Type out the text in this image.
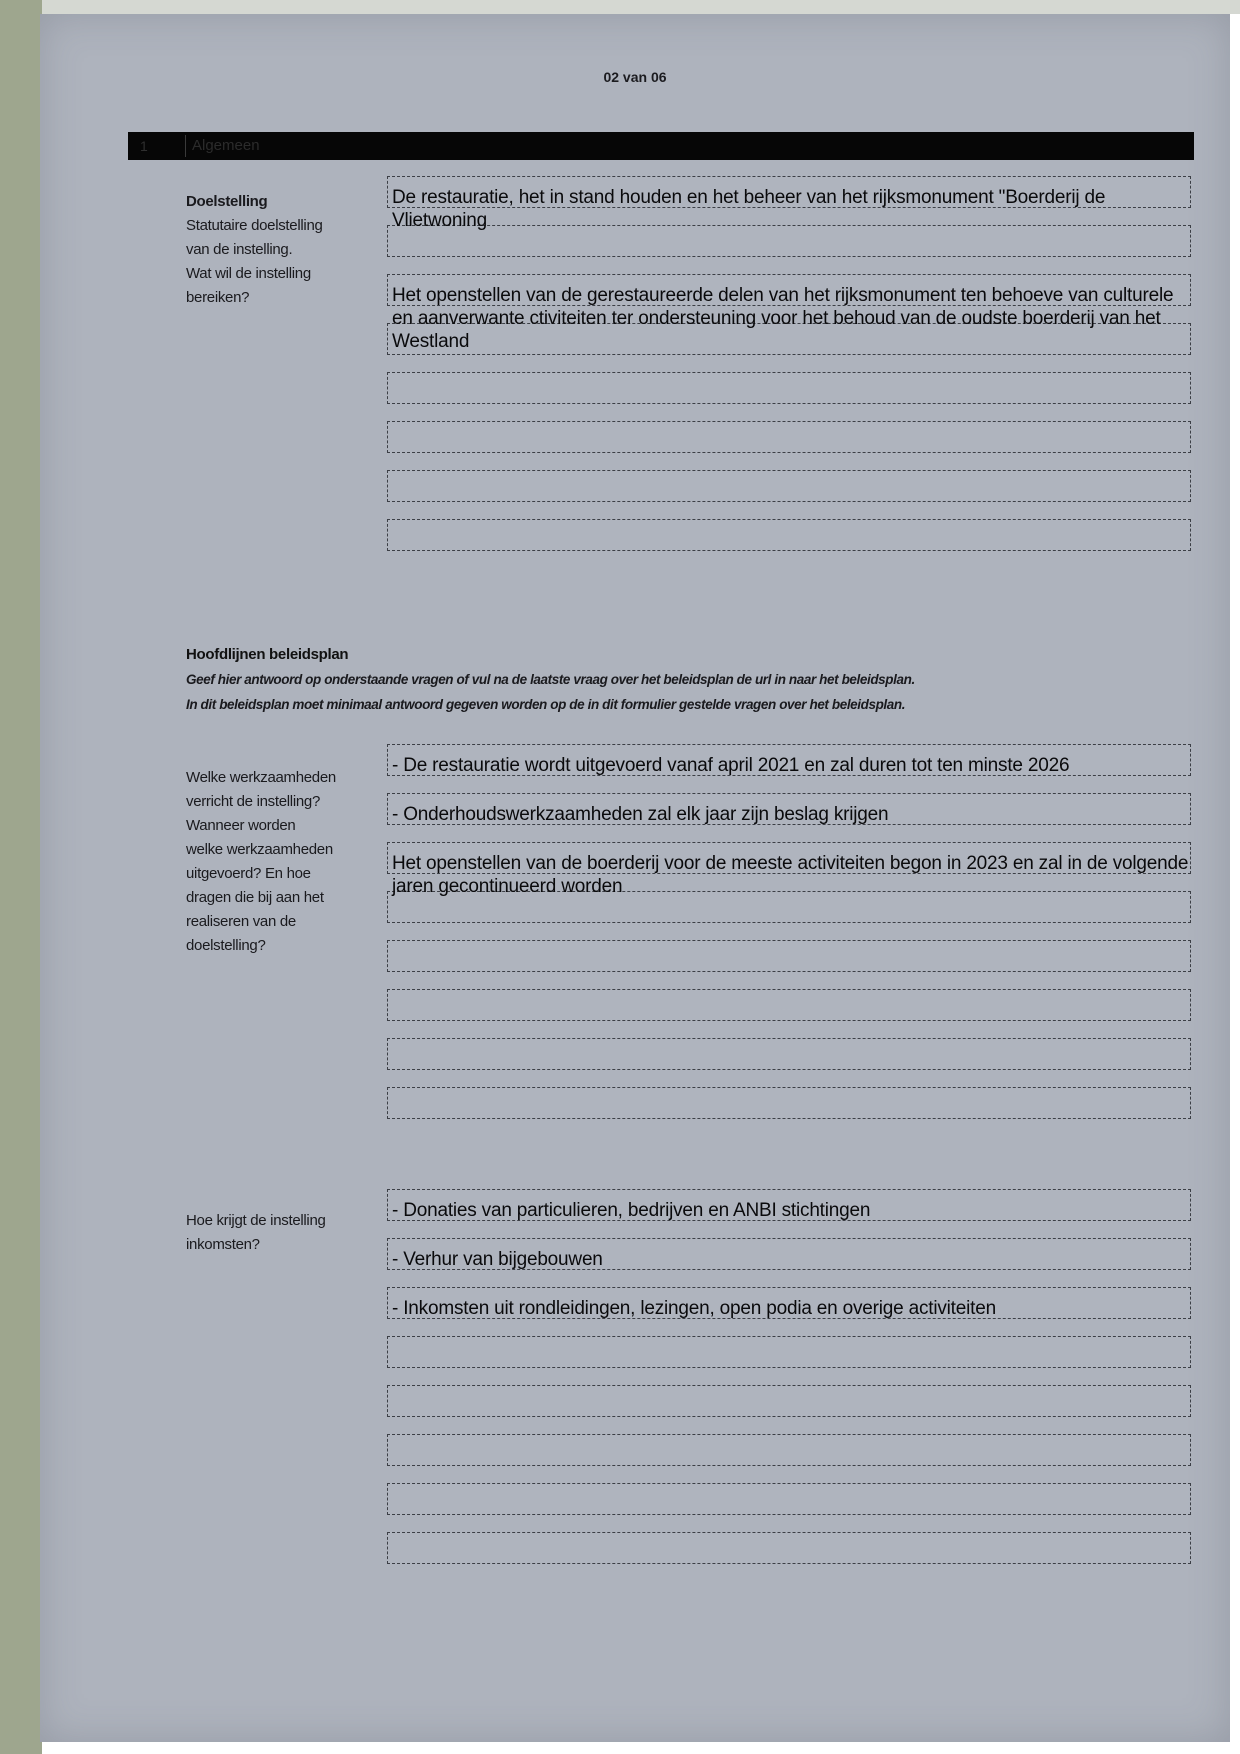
02 van 06
1	Algemeen
Doelstelling
Statutaire doelstelling
van de instelling.
Wat wil de instelling
bereiken?
De restauratie, het in stand houden en het beheer van het rijksmonument "Boerderij de Vlietwoning
Het openstellen van de gerestaureerde delen van het rijksmonument ten behoeve van culturele en aanverwante ctiviteiten ter ondersteuning voor het behoud van de oudste boerderij van het Westland
Hoofdlijnen beleidsplan
Geef hier antwoord op onderstaande vragen of vul na de laatste vraag over het beleidsplan de url in naar het beleidsplan.
In dit beleidsplan moet minimaal antwoord gegeven worden op de in dit formulier gestelde vragen over het beleidsplan.
Welke werkzaamheden
verricht de instelling?
Wanneer worden
welke werkzaamheden
uitgevoerd? En hoe
dragen die bij aan het
realiseren van de
doelstelling?
- De restauratie wordt uitgevoerd vanaf april 2021 en zal duren tot ten minste 2026
- Onderhoudswerkzaamheden zal elk jaar zijn beslag krijgen
Het openstellen van de boerderij voor de meeste activiteiten begon in 2023 en zal in de volgende jaren gecontinueerd worden
Hoe krijgt de instelling
inkomsten?
- Donaties van particulieren, bedrijven en ANBI stichtingen
- Verhur van bijgebouwen
- Inkomsten uit rondleidingen, lezingen, open podia en overige activiteiten
